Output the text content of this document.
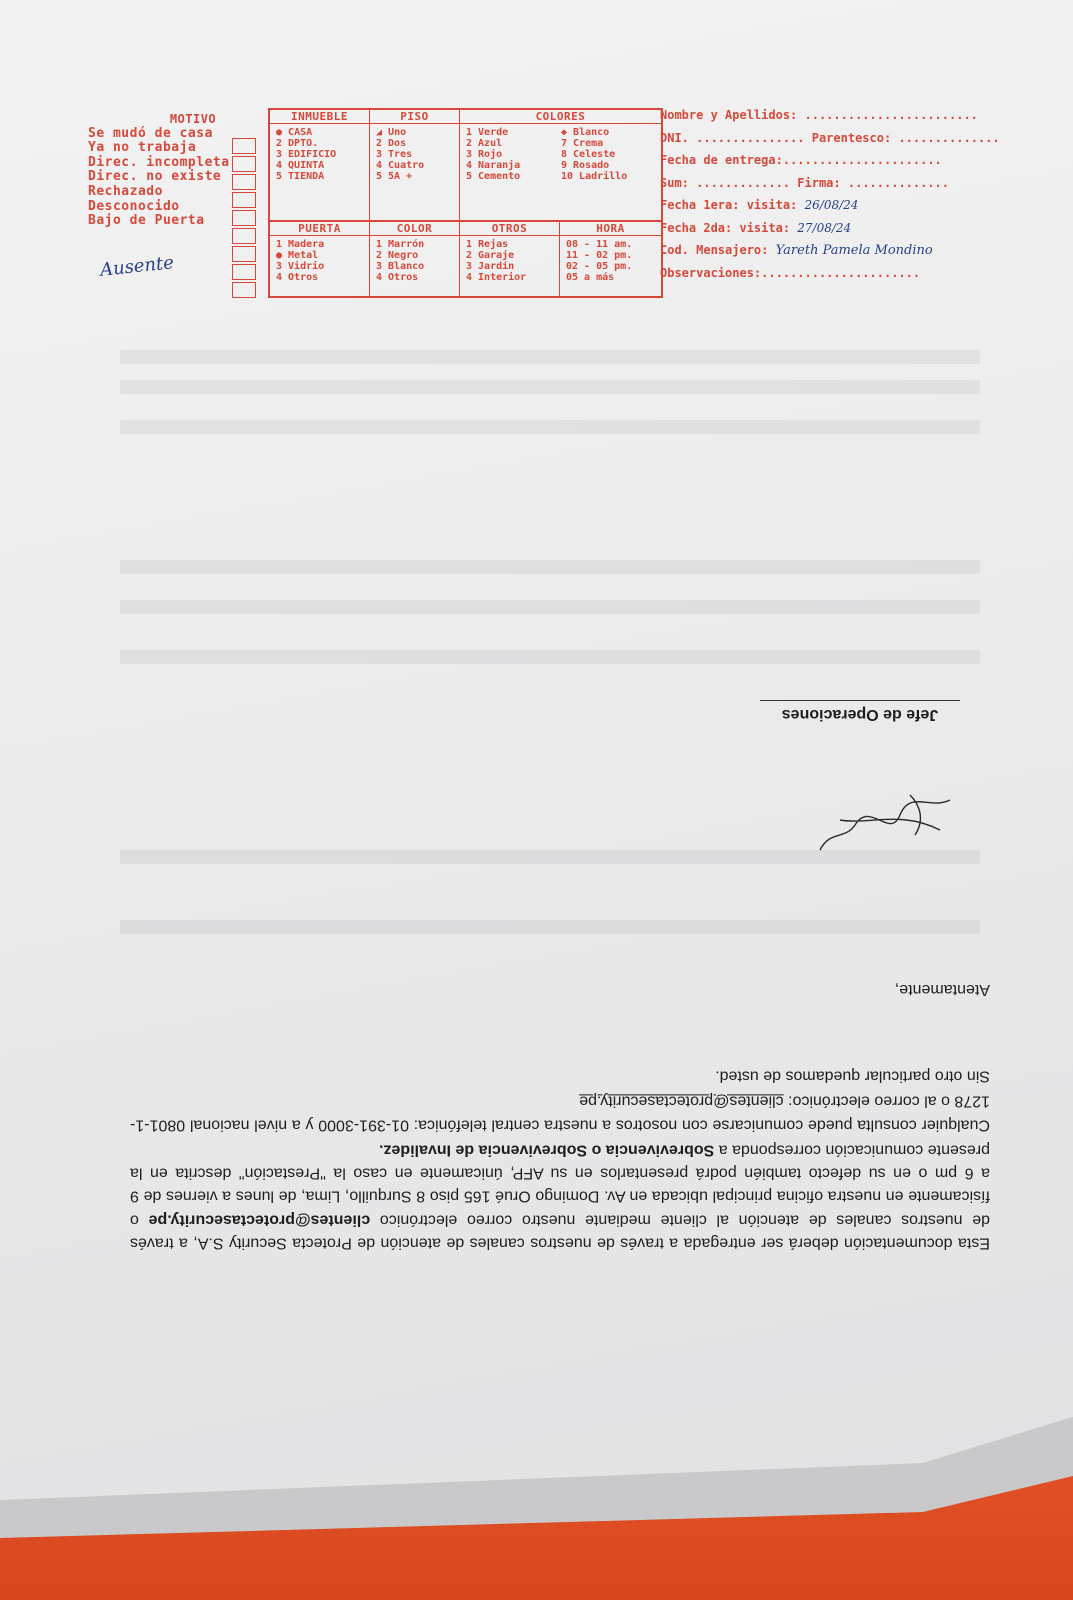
MOTIVO
Se mudó de casa
Ya no trabaja
Direc. incompleta
Direc. no existe
Rechazado
Desconocido
Bajo de Puerta
Ausente
INMUEBLE
● CASA
2 DPTO.
3 EDIFICIO
4 QUINTA
5 TIENDA
PISO
◢ Uno
2 Dos
3 Tres
4 Cuatro
5 5A +
COLORES
1 Verde
2 Azul
3 Rojo
4 Naranja
5 Cemento
◆ Blanco
7 Crema
8 Celeste
9 Rosado
10 Ladrillo
PUERTA
1 Madera
● Metal
3 Vidrio
4 Otros
COLOR
1 Marrón
2 Negro
3 Blanco
4 Otros
OTROS
1 Rejas
2 Garaje
3 Jardín
4 Interior
HORA
08 - 11 am.
11 - 02 pm.
02 - 05 pm.
05 a más
Nombre y Apellidos: ........................
DNI. ............... Parentesco: ..............
Fecha de entrega:......................
Sum: ............. Firma: ..............
Fecha 1era: visita: 26/08/24
Fecha 2da: visita: 27/08/24
Cod. Mensajero: Yareth Pamela Mondino
Observaciones:......................

Esta documentación deberá ser entregada a través de nuestros canales de atención de Protecta Security S.A, a través de nuestros canales de atención al cliente mediante nuestro correo electrónico clientes@protectasecurity.pe o físicamente en nuestra oficina principal ubicada en Av. Domingo Orué 165 piso 8 Surquillo, Lima, de lunes a viernes de 9 a 6 pm o en su defecto también podrá presentarlos en su AFP, únicamente en caso la "Prestación" descrita en la presente comunicación corresponda a Sobrevivencia o Sobrevivencia de Invalidez.

Cualquier consulta puede comunicarse con nosotros a nuestra central telefónica: 01-391-3000 y a nivel nacional 0801-1-1278 o al correo electrónico: clientes@protectasecurity.pe

Sin otro particular quedamos de usted.

Atentamente,
Jefe de Operaciones
